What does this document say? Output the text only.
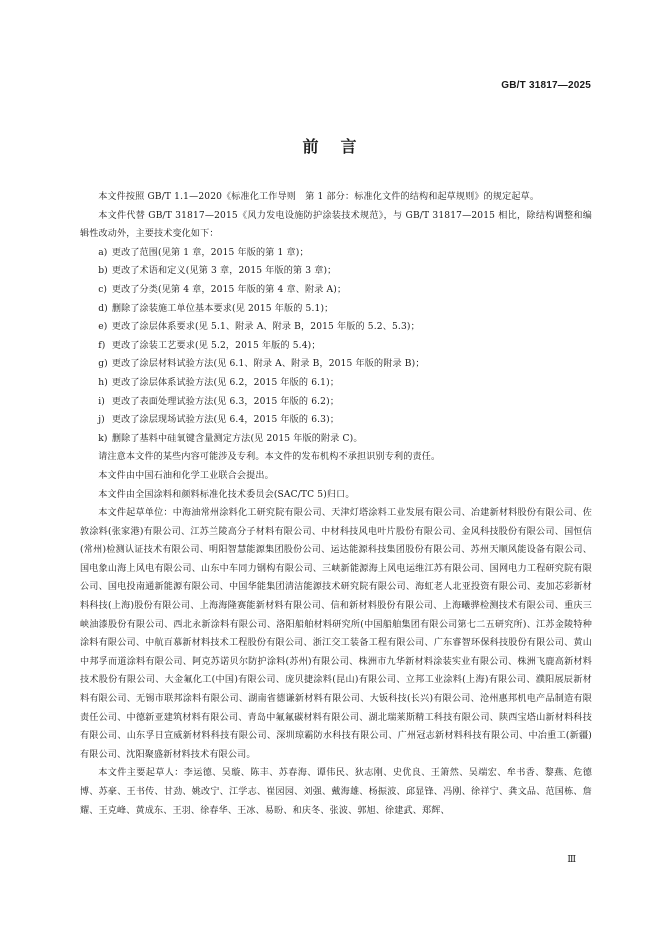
GB/T 31817—2025
前　言

本文件按照 GB/T 1.1—2020《标准化工作导则　第 1 部分：标准化文件的结构和起草规则》的规定起草。

本文件代替 GB/T 31817—2015《风力发电设施防护涂装技术规范》，与 GB/T 31817—2015 相比，除结构调整和编辑性改动外，主要技术变化如下：

a) 更改了范围(见第 1 章，2015 年版的第 1 章)；
b) 更改了术语和定义(见第 3 章，2015 年版的第 3 章)；
c) 更改了分类(见第 4 章，2015 年版的第 4 章、附录 A)；
d) 删除了涂装施工单位基本要求(见 2015 年版的 5.1)；
e) 更改了涂层体系要求(见 5.1、附录 A、附录 B，2015 年版的 5.2、5.3)；
f) 更改了涂装工艺要求(见 5.2，2015 年版的 5.4)；
g) 更改了涂层材料试验方法(见 6.1、附录 A、附录 B，2015 年版的附录 B)；
h) 更改了涂层体系试验方法(见 6.2，2015 年版的 6.1)；
i) 更改了表面处理试验方法(见 6.3，2015 年版的 6.2)；
j) 更改了涂层现场试验方法(见 6.4，2015 年版的 6.3)；
k) 删除了基料中硅氧键含量测定方法(见 2015 年版的附录 C)。

请注意本文件的某些内容可能涉及专利。本文件的发布机构不承担识别专利的责任。

本文件由中国石油和化学工业联合会提出。

本文件由全国涂料和颜料标准化技术委员会(SAC/TC 5)归口。

本文件起草单位：中海油常州涂料化工研究院有限公司、天津灯塔涂料工业发展有限公司、冶建新材料股份有限公司、佐敦涂料(张家港)有限公司、江苏兰陵高分子材料有限公司、中材科技风电叶片股份有限公司、金风科技股份有限公司、国恒信(常州)检测认证技术有限公司、明阳智慧能源集团股份公司、运达能源科技集团股份有限公司、苏州天顺风能设备有限公司、国电象山海上风电有限公司、山东中车同力钢构有限公司、三峡新能源海上风电运维江苏有限公司、国网电力工程研究院有限公司、国电投南通新能源有限公司、中国华能集团清洁能源技术研究院有限公司、海虹老人北亚投资有限公司、麦加芯彩新材料科技(上海)股份有限公司、上海海隆赛能新材料有限公司、信和新材料股份有限公司、上海曦骅检测技术有限公司、重庆三峡油漆股份有限公司、西北永新涂料有限公司、洛阳船舶材料研究所(中国船舶集团有限公司第七二五研究所)、江苏金陵特种涂料有限公司、中航百慕新材料技术工程股份有限公司、浙江交工装备工程有限公司、广东睿智环保科技股份有限公司、黄山中邦孚而道涂料有限公司、阿克苏诺贝尔防护涂料(苏州)有限公司、株洲市九华新材料涂装实业有限公司、株洲飞鹿高新材料技术股份有限公司、大金氟化工(中国)有限公司、庞贝捷涂料(昆山)有限公司、立邦工业涂料(上海)有限公司、濮阳展辰新材料有限公司、无锡市联邦涂料有限公司、湖南省德谦新材料有限公司、大钣科技(长兴)有限公司、沧州惠邦机电产品制造有限责任公司、中德新亚建筑材料有限公司、青岛中氟氟碳材料有限公司、湖北瑞莱斯精工科技有限公司、陕西宝塔山新材料科技有限公司、山东孚日宣威新材料科技有限公司、深圳琼霸防水科技有限公司、广州冠志新材料科技有限公司、中冶重工(新疆)有限公司、沈阳聚盛新材料技术有限公司。

本文件主要起草人：李运德、吴璇、陈丰、苏春海、谭伟民、狄志刚、史优良、王箫然、吴端宏、牟书香、黎燕、危德博、苏豪、王书传、甘劲、姚改宁、江学志、崔园园、刘强、戴海雄、杨振波、邱显锋、冯刚、徐祥宁、龚文品、范国栋、詹耀、王克峰、黄成东、王羽、徐春华、王冰、易盼、和庆冬、张波、郭旭、徐建武、郑辉、

Ⅲ
